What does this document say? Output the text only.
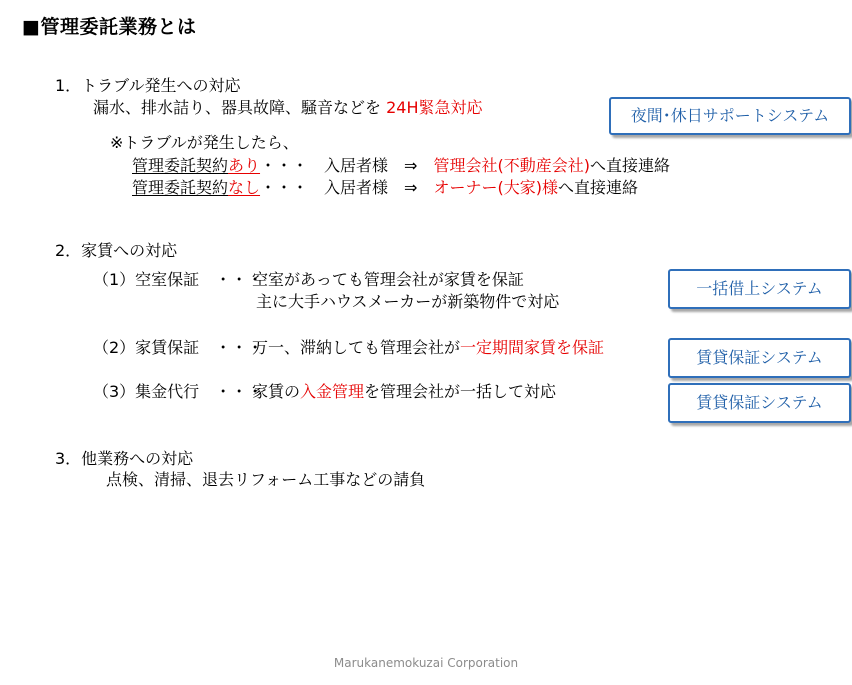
■管理委託業務とは
1．トラブル発生への対応
漏水、排水詰り、器具故障、騒音などを 24H緊急対応	夜間･休日サポートシステム
※トラブルが発生したら、
管理委託契約あり・・・　入居者様　⇒　管理会社(不動産会社)へ直接連絡
管理委託契約なし・・・　入居者様　⇒　オーナー(大家)様へ直接連絡
2．家賃への対応
（1）空室保証　・・・
空室があっても管理会社が家賃を保証
主に大手ハウスメーカーが新築物件で対応
一括借上システム
（2）家賃保証　・・・
万一、滞納しても管理会社が一定期間家賃を保証
賃貸保証システム
（3）集金代行　・・・
家賃の入金管理を管理会社が一括して対応
賃貸保証システム
3．他業務への対応
点検、清掃、退去リフォーム工事などの請負
Marukanemokuzai Corporation
